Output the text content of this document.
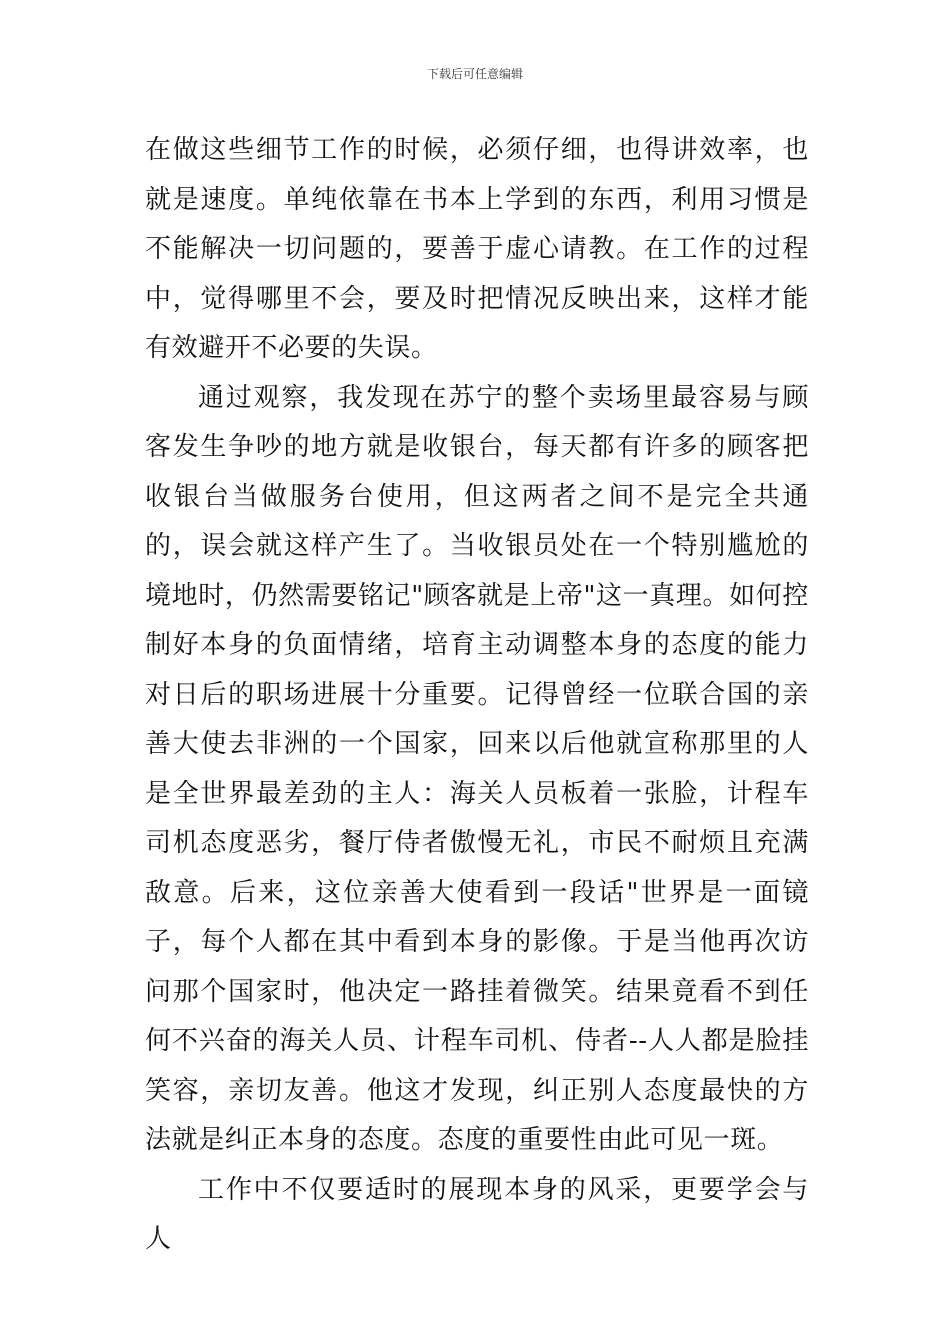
下载后可任意编辑

在做这些细节工作的时候，必须仔细，也得讲效率，也就是速度。单纯依靠在书本上学到的东西，利用习惯是不能解决一切问题的，要善于虚心请教。在工作的过程中，觉得哪里不会，要及时把情况反映出来，这样才能有效避开不必要的失误。

通过观察，我发现在苏宁的整个卖场里最容易与顾客发生争吵的地方就是收银台，每天都有许多的顾客把收银台当做服务台使用，但这两者之间不是完全共通的，误会就这样产生了。当收银员处在一个特别尴尬的境地时，仍然需要铭记"顾客就是上帝"这一真理。如何控制好本身的负面情绪，培育主动调整本身的态度的能力对日后的职场进展十分重要。记得曾经一位联合国的亲善大使去非洲的一个国家，回来以后他就宣称那里的人是全世界最差劲的主人：海关人员板着一张脸，计程车司机态度恶劣，餐厅侍者傲慢无礼，市民不耐烦且充满敌意。后来，这位亲善大使看到一段话"世界是一面镜子，每个人都在其中看到本身的影像。于是当他再次访问那个国家时，他决定一路挂着微笑。结果竟看不到任何不兴奋的海关人员、计程车司机、侍者--人人都是脸挂笑容，亲切友善。他这才发现，纠正别人态度最快的方法就是纠正本身的态度。态度的重要性由此可见一斑。

工作中不仅要适时的展现本身的风采，更要学会与人
